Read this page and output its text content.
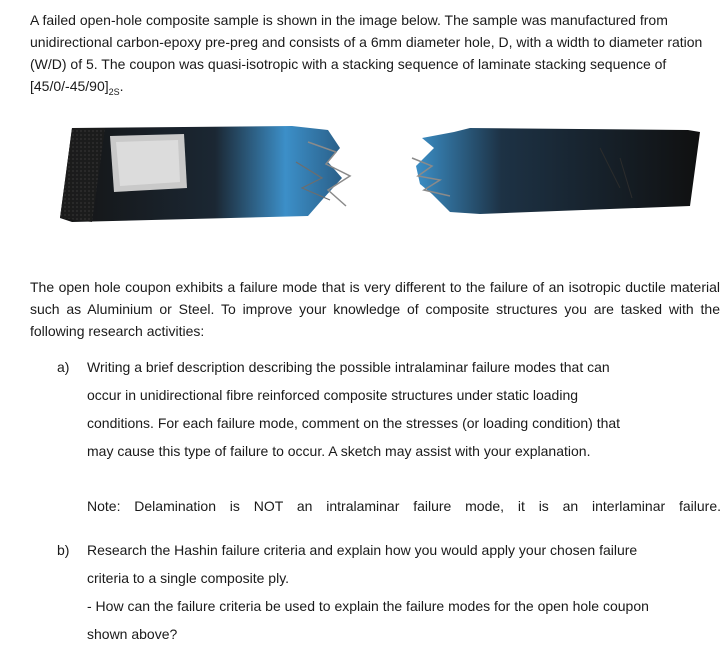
A failed open-hole composite sample is shown in the image below. The sample was manufactured from unidirectional carbon-epoxy pre-preg and consists of a 6mm diameter hole, D, with a width to diameter ration (W/D) of 5. The coupon was quasi-isotropic with a stacking sequence of laminate stacking sequence of $[45/0/-45/90]_{2S}$.

The open hole coupon exhibits a failure mode that is very different to the failure of an isotropic ductile material such as Aluminium or Steel. To improve your knowledge of composite structures you are tasked with the following research activities:

a) Writing a brief description describing the possible intralaminar failure modes that can
occur in unidirectional fibre reinforced composite structures under static loading
conditions. For each failure mode, comment on the stresses (or loading condition) that
may cause this type of failure to occur. A sketch may assist with your explanation.
Note: Delamination is NOT an intralaminar failure mode, it is an interlaminar failure.
b) Research the Hashin failure criteria and explain how you would apply your chosen failure
criteria to a single composite ply.
- How can the failure criteria be used to explain the failure modes for the open hole coupon
shown above?
